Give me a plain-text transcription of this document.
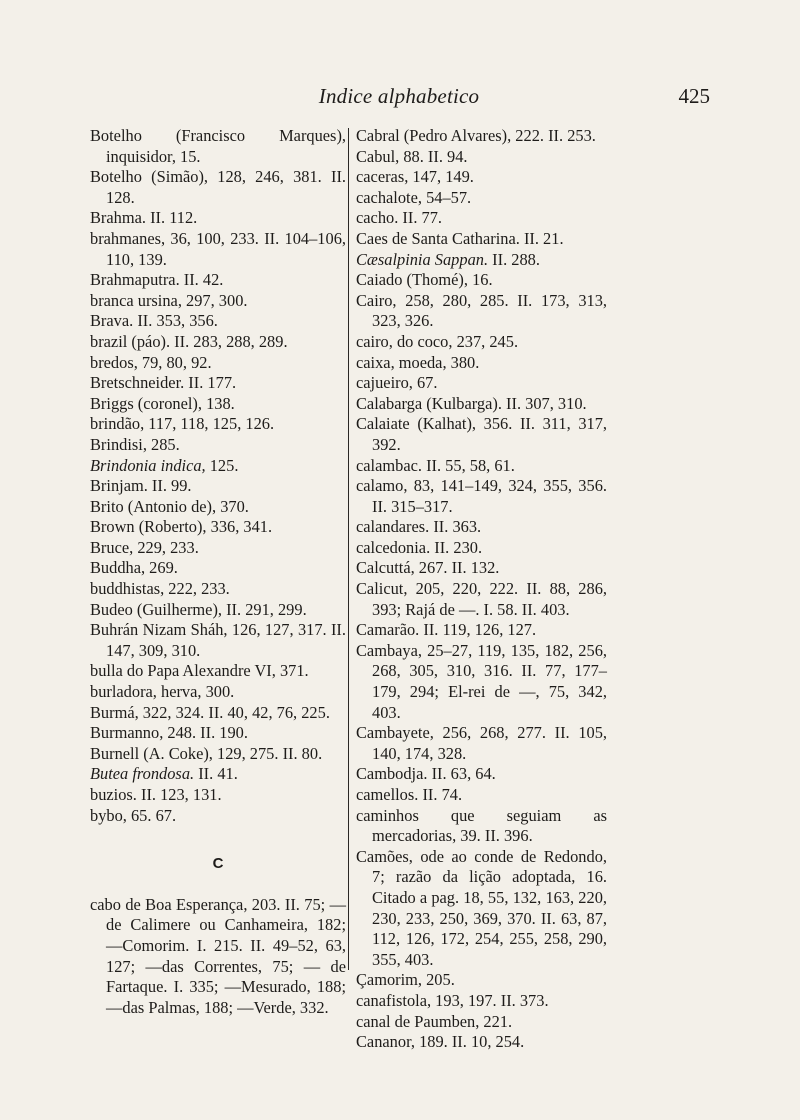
Indice alphabetico	425
Botelho (Francisco Marques), inquisidor, 15.
Botelho (Simão), 128, 246, 381. II. 128.
Brahma. II. 112.
brahmanes, 36, 100, 233. II. 104–106, 110, 139.
Brahmaputra. II. 42.
branca ursina, 297, 300.
Brava. II. 353, 356.
brazil (páo). II. 283, 288, 289.
bredos, 79, 80, 92.
Bretschneider. II. 177.
Briggs (coronel), 138.
brindão, 117, 118, 125, 126.
Brindisi, 285.
Brindonia indica, 125.
Brinjam. II. 99.
Brito (Antonio de), 370.
Brown (Roberto), 336, 341.
Bruce, 229, 233.
Buddha, 269.
buddhistas, 222, 233.
Budeo (Guilherme), II. 291, 299.
Buhrán Nizam Sháh, 126, 127, 317. II. 147, 309, 310.
bulla do Papa Alexandre VI, 371.
burladora, herva, 300.
Burmá, 322, 324. II. 40, 42, 76, 225.
Burmanno, 248. II. 190.
Burnell (A. Coke), 129, 275. II. 80.
Butea frondosa. II. 41.
buzios. II. 123, 131.
bybo, 65. 67.
C
cabo de Boa Esperança, 203. II. 75; —de Calimere ou Canhameira, 182; —Comorim. I. 215. II. 49–52, 63, 127; —das Correntes, 75; — de Fartaque. I. 335; —Mesurado, 188; —das Palmas, 188; —Verde, 332.
Cabral (Pedro Alvares), 222. II. 253.
Cabul, 88. II. 94.
caceras, 147, 149.
cachalote, 54–57.
cacho. II. 77.
Caes de Santa Catharina. II. 21.
Cæsalpinia Sappan. II. 288.
Caiado (Thomé), 16.
Cairo, 258, 280, 285. II. 173, 313, 323, 326.
cairo, do coco, 237, 245.
caixa, moeda, 380.
cajueiro, 67.
Calabarga (Kulbarga). II. 307, 310.
Calaiate (Kalhat), 356. II. 311, 317, 392.
calambac. II. 55, 58, 61.
calamo, 83, 141–149, 324, 355, 356. II. 315–317.
calandares. II. 363.
calcedonia. II. 230.
Calcuttá, 267. II. 132.
Calicut, 205, 220, 222. II. 88, 286, 393; Rajá de —. I. 58. II. 403.
Camarão. II. 119, 126, 127.
Cambaya, 25–27, 119, 135, 182, 256, 268, 305, 310, 316. II. 77, 177–179, 294; El-rei de —, 75, 342, 403.
Cambayete, 256, 268, 277. II. 105, 140, 174, 328.
Cambodja. II. 63, 64.
camellos. II. 74.
caminhos que seguiam as mercadorias, 39. II. 396.
Camões, ode ao conde de Redondo, 7; razão da lição adoptada, 16. Citado a pag. 18, 55, 132, 163, 220, 230, 233, 250, 369, 370. II. 63, 87, 112, 126, 172, 254, 255, 258, 290, 355, 403.
Çamorim, 205.
canafistola, 193, 197. II. 373.
canal de Paumben, 221.
Cananor, 189. II. 10, 254.
